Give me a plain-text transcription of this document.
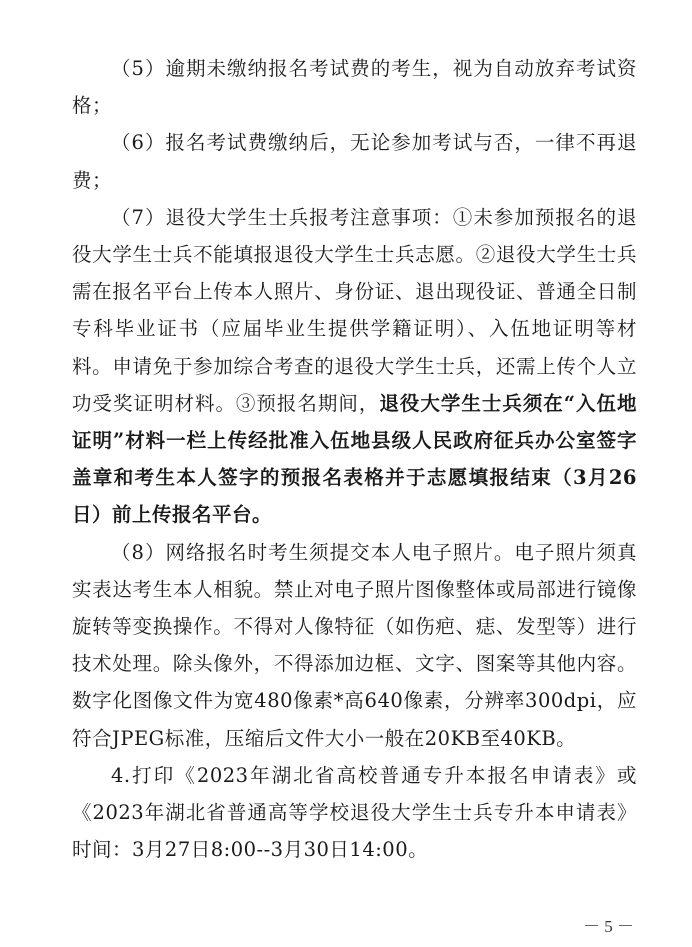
（5）逾期未缴纳报名考试费的考生，视为自动放弃考试资格；

（6）报名考试费缴纳后，无论参加考试与否，一律不再退费；

（7）退役大学生士兵报考注意事项：①未参加预报名的退役大学生士兵不能填报退役大学生士兵志愿。②退役大学生士兵需在报名平台上传本人照片、身份证、退出现役证、普通全日制专科毕业证书（应届毕业生提供学籍证明）、入伍地证明等材料。申请免于参加综合考查的退役大学生士兵，还需上传个人立功受奖证明材料。③预报名期间，退役大学生士兵须在“入伍地证明”材料一栏上传经批准入伍地县级人民政府征兵办公室签字盖章和考生本人签字的预报名表格并于志愿填报结束（3月26日）前上传报名平台。

（8）网络报名时考生须提交本人电子照片。电子照片须真实表达考生本人相貌。禁止对电子照片图像整体或局部进行镜像旋转等变换操作。不得对人像特征（如伤疤、痣、发型等）进行技术处理。除头像外，不得添加边框、文字、图案等其他内容。数字化图像文件为宽480像素*高640像素，分辨率300dpi，应符合JPEG标准，压缩后文件大小一般在20KB至40KB。

4.打印《2023年湖北省高校普通专升本报名申请表》或《2023年湖北省普通高等学校退役大学生士兵专升本申请表》时间：3月27日8:00--3月30日14:00。

－ 5 －
